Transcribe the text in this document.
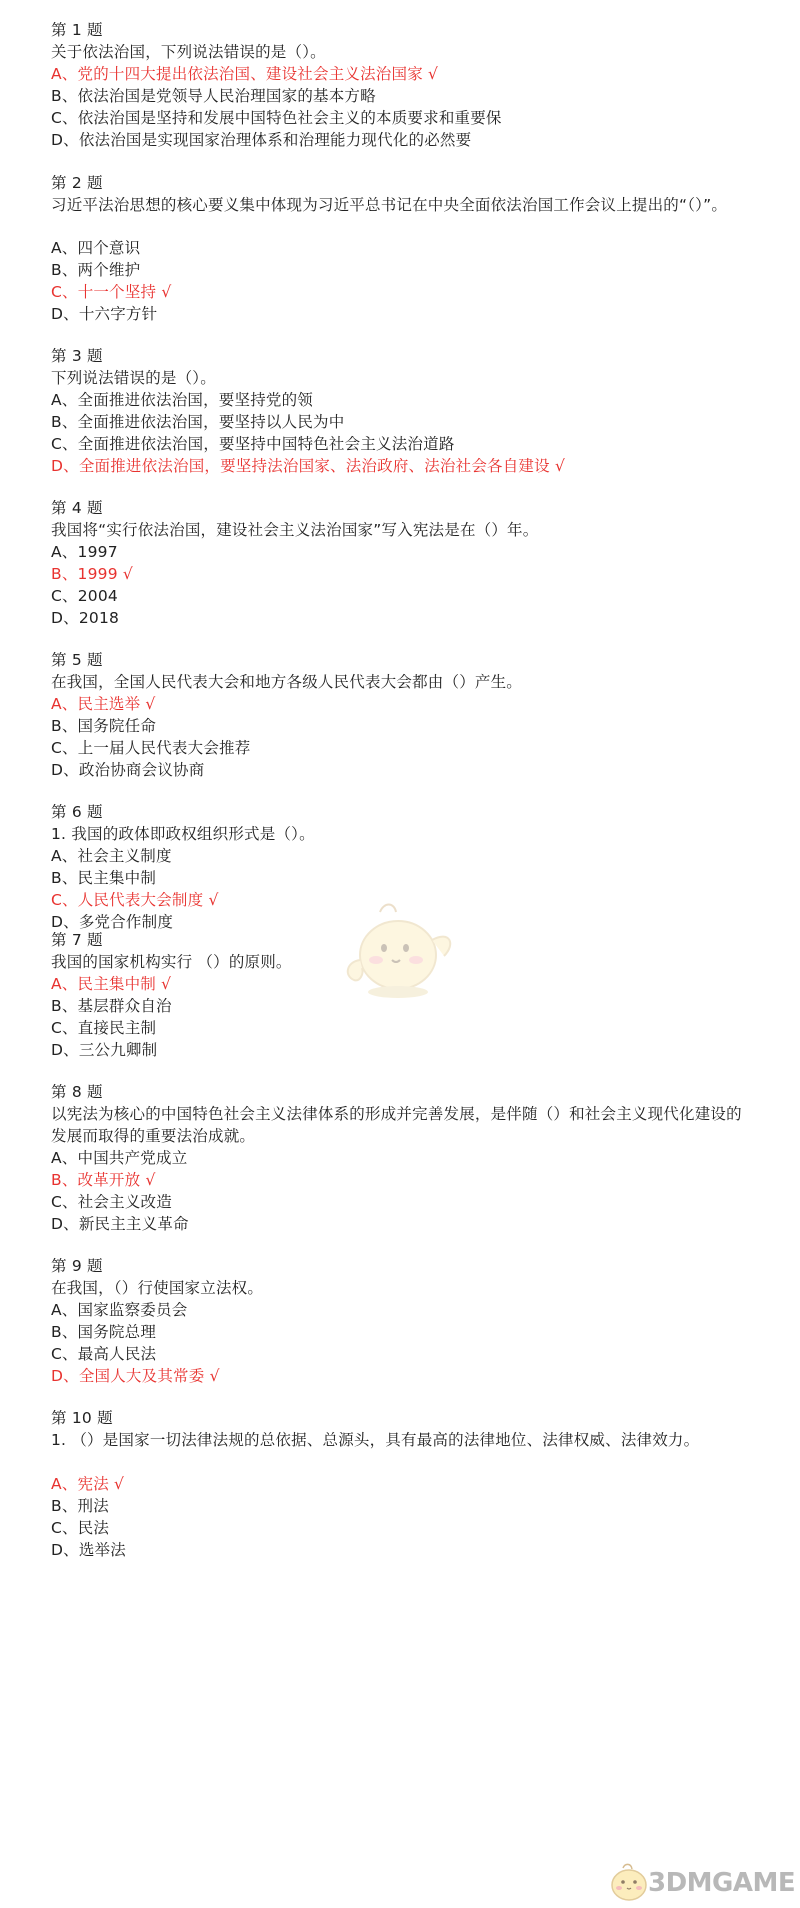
第 1 题
关于依法治国，下列说法错误的是（）。
A、党的十四大提出依法治国、建设社会主义法治国家 √
B、依法治国是党领导人民治理国家的基本方略
C、依法治国是坚持和发展中国特色社会主义的本质要求和重要保
D、依法治国是实现国家治理体系和治理能力现代化的必然要
第 2 题
习近平法治思想的核心要义集中体现为习近平总书记在中央全面依法治国工作会议上提出的“（）”。
A、四个意识
B、两个维护
C、十一个坚持 √
D、十六字方针
第 3 题
下列说法错误的是（）。
A、全面推进依法治国，要坚持党的领
B、全面推进依法治国，要坚持以人民为中
C、全面推进依法治国，要坚持中国特色社会主义法治道路
D、全面推进依法治国，要坚持法治国家、法治政府、法治社会各自建设 √
第 4 题
我国将“实行依法治国，建设社会主义法治国家”写入宪法是在（）年。
A、1997
B、1999 √
C、2004
D、2018
第 5 题
在我国，全国人民代表大会和地方各级人民代表大会都由（）产生。
A、民主选举 √
B、国务院任命
C、上一届人民代表大会推荐
D、政治协商会议协商
第 6 题
1. 我国的政体即政权组织形式是（）。
A、社会主义制度
B、民主集中制
C、人民代表大会制度 √
D、多党合作制度
第 7 题
我国的国家机构实行 （）的原则。
A、民主集中制 √
B、基层群众自治
C、直接民主制
D、三公九卿制
第 8 题
以宪法为核心的中国特色社会主义法律体系的形成并完善发展，是伴随（）和社会主义现代化建设的发展而取得的重要法治成就。
A、中国共产党成立
B、改革开放 √
C、社会主义改造
D、新民主主义革命
第 9 题
在我国，（）行使国家立法权。
A、国家监察委员会
B、国务院总理
C、最高人民法
D、全国人大及其常委 √
第 10 题
1. （）是国家一切法律法规的总依据、总源头，具有最高的法律地位、法律权威、法律效力。
A、宪法 √
B、刑法
C、民法
D、选举法
3DMGAME
